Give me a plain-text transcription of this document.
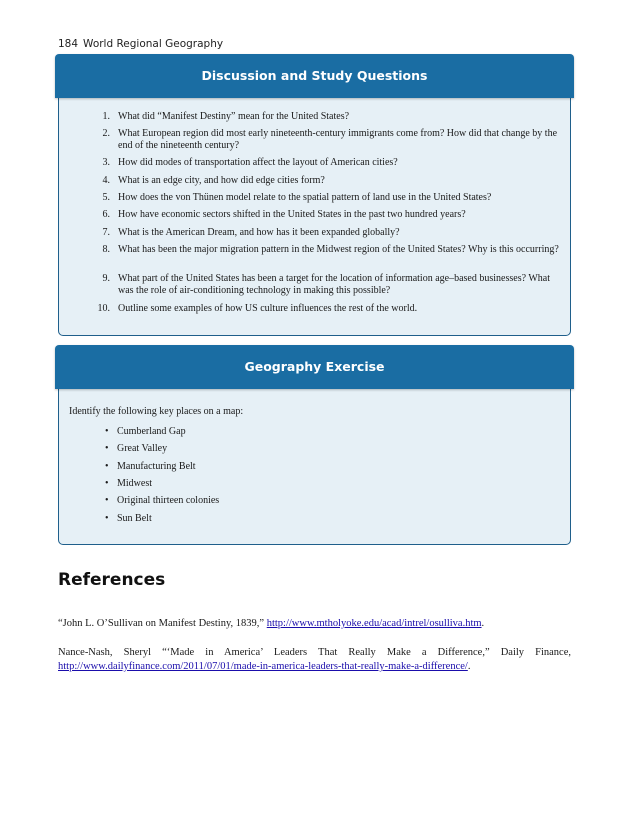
184 World Regional Geography
Discussion and Study Questions
1. What did “Manifest Destiny” mean for the United States?
2. What European region did most early nineteenth-century immigrants come from? How did that change by the end of the nineteenth century?
3. How did modes of transportation affect the layout of American cities?
4. What is an edge city, and how did edge cities form?
5. How does the von Thünen model relate to the spatial pattern of land use in the United States?
6. How have economic sectors shifted in the United States in the past two hundred years?
7. What is the American Dream, and how has it been expanded globally?
8. What has been the major migration pattern in the Midwest region of the United States? Why is this occurring?
9. What part of the United States has been a target for the location of information age–based businesses? What was the role of air-conditioning technology in making this possible?
10. Outline some examples of how US culture influences the rest of the world.
Geography Exercise
Identify the following key places on a map:
• Cumberland Gap
• Great Valley
• Manufacturing Belt
• Midwest
• Original thirteen colonies
• Sun Belt
References

“John L. O’Sullivan on Manifest Destiny, 1839,” http://www.mtholyoke.edu/acad/intrel/osulliva.htm.

Nance-Nash, Sheryl “‘Made in America’ Leaders That Really Make a Difference,” Daily Finance, http://www.dailyfinance.com/2011/07/01/made-in-america-leaders-that-really-make-a-difference/.
